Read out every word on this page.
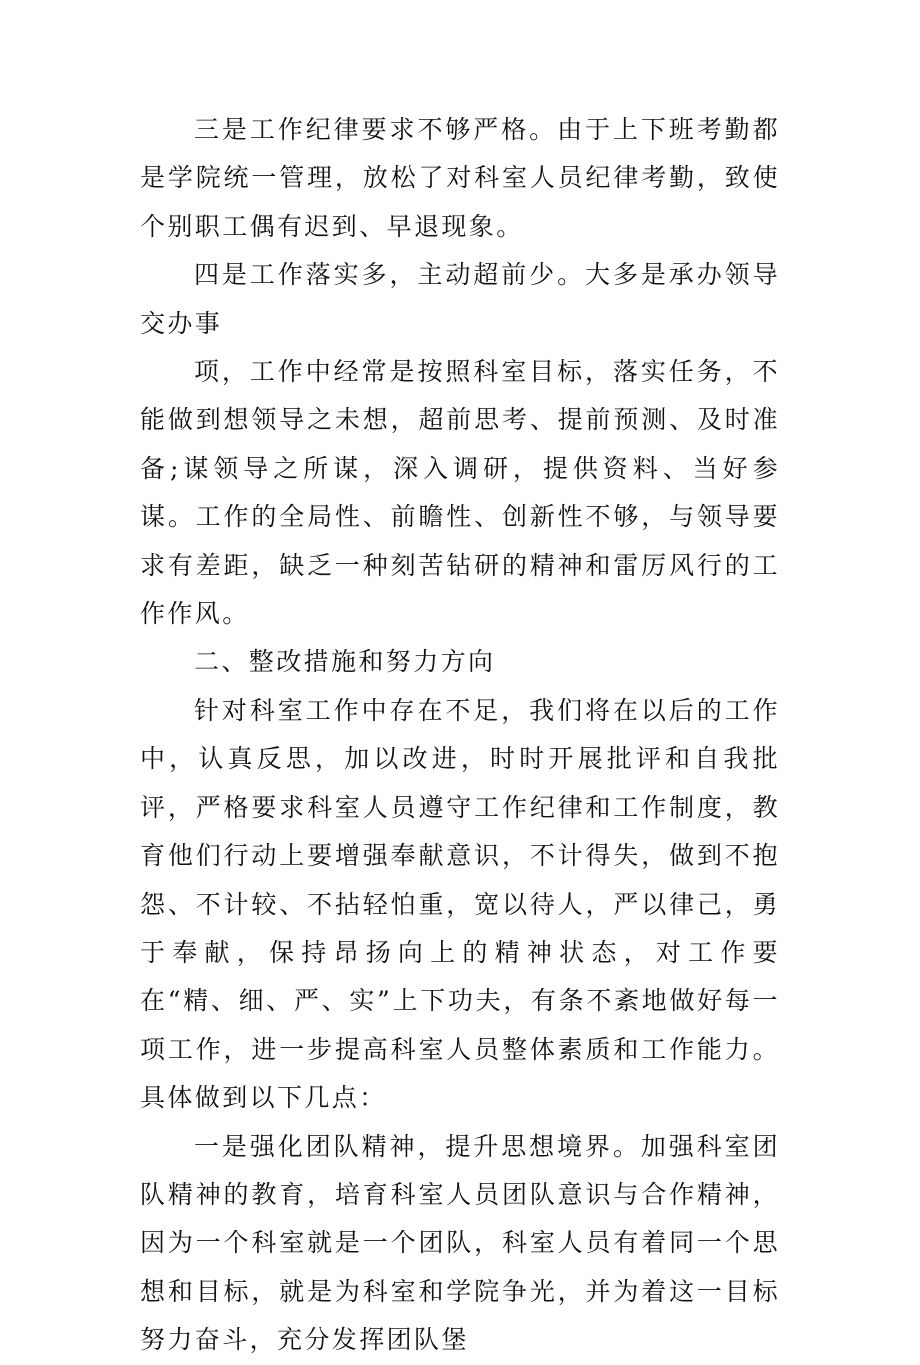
三是工作纪律要求不够严格。由于上下班考勤都是学院统一管理，放松了对科室人员纪律考勤，致使个别职工偶有迟到、早退现象。

四是工作落实多，主动超前少。大多是承办领导交办事

项，工作中经常是按照科室目标，落实任务，不能做到想领导之未想，超前思考、提前预测、及时准备;谋领导之所谋，深入调研，提供资料、当好参谋。工作的全局性、前瞻性、创新性不够，与领导要求有差距，缺乏一种刻苦钻研的精神和雷厉风行的工作作风。

二、整改措施和努力方向

针对科室工作中存在不足，我们将在以后的工作中，认真反思，加以改进，时时开展批评和自我批评，严格要求科室人员遵守工作纪律和工作制度，教育他们行动上要增强奉献意识，不计得失，做到不抱怨、不计较、不拈轻怕重，宽以待人，严以律己，勇于奉献，保持昂扬向上的精神状态，对工作要在“精、细、严、实”上下功夫，有条不紊地做好每一项工作，进一步提高科室人员整体素质和工作能力。具体做到以下几点：

一是强化团队精神，提升思想境界。加强科室团队精神的教育，培育科室人员团队意识与合作精神，因为一个科室就是一个团队，科室人员有着同一个思想和目标，就是为科室和学院争光，并为着这一目标努力奋斗，充分发挥团队堡
